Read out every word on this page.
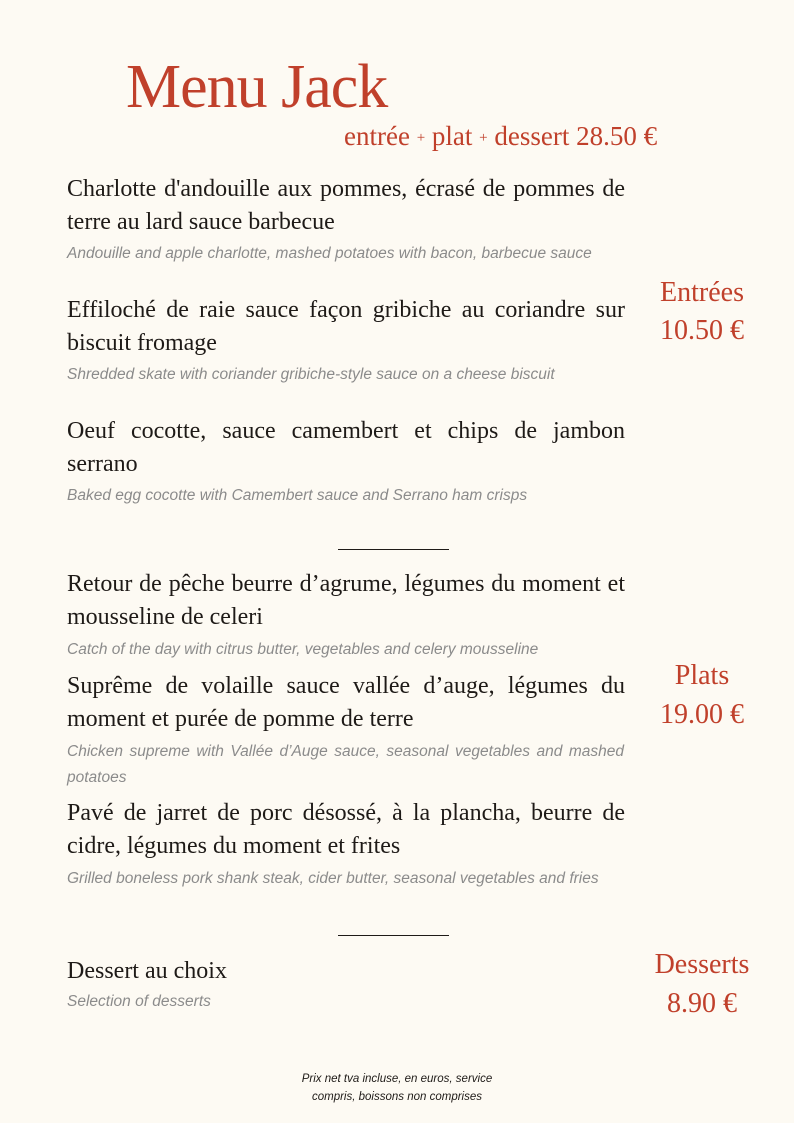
Menu Jack
entrée + plat + dessert 28.50 €
Charlotte d'andouille aux pommes, écrasé de pommes de terre au lard sauce barbecue
Andouille and apple charlotte, mashed potatoes with bacon, barbecue sauce
Effiloché de raie sauce façon gribiche au coriandre sur biscuit fromage
Shredded skate with coriander gribiche-style sauce on a cheese biscuit
Oeuf cocotte, sauce camembert et chips de jambon serrano
Baked egg cocotte with Camembert sauce and Serrano ham crisps
Entrées
10.50 €
Retour de pêche beurre d’agrume, légumes du moment et mousseline de celeri
Catch of the day with citrus butter, vegetables and celery mousseline
Suprême de volaille sauce vallée d’auge, légumes du moment et purée de pomme de terre
Chicken supreme with Vallée d’Auge sauce, seasonal vegetables and mashed potatoes
Pavé de jarret de porc désossé, à la plancha, beurre de cidre, légumes du moment et frites
Grilled boneless pork shank steak, cider butter, seasonal vegetables and fries
Plats
19.00 €
Dessert au choix
Selection of desserts
Desserts
8.90 €
Prix net tva incluse, en euros, service
compris, boissons non comprises
